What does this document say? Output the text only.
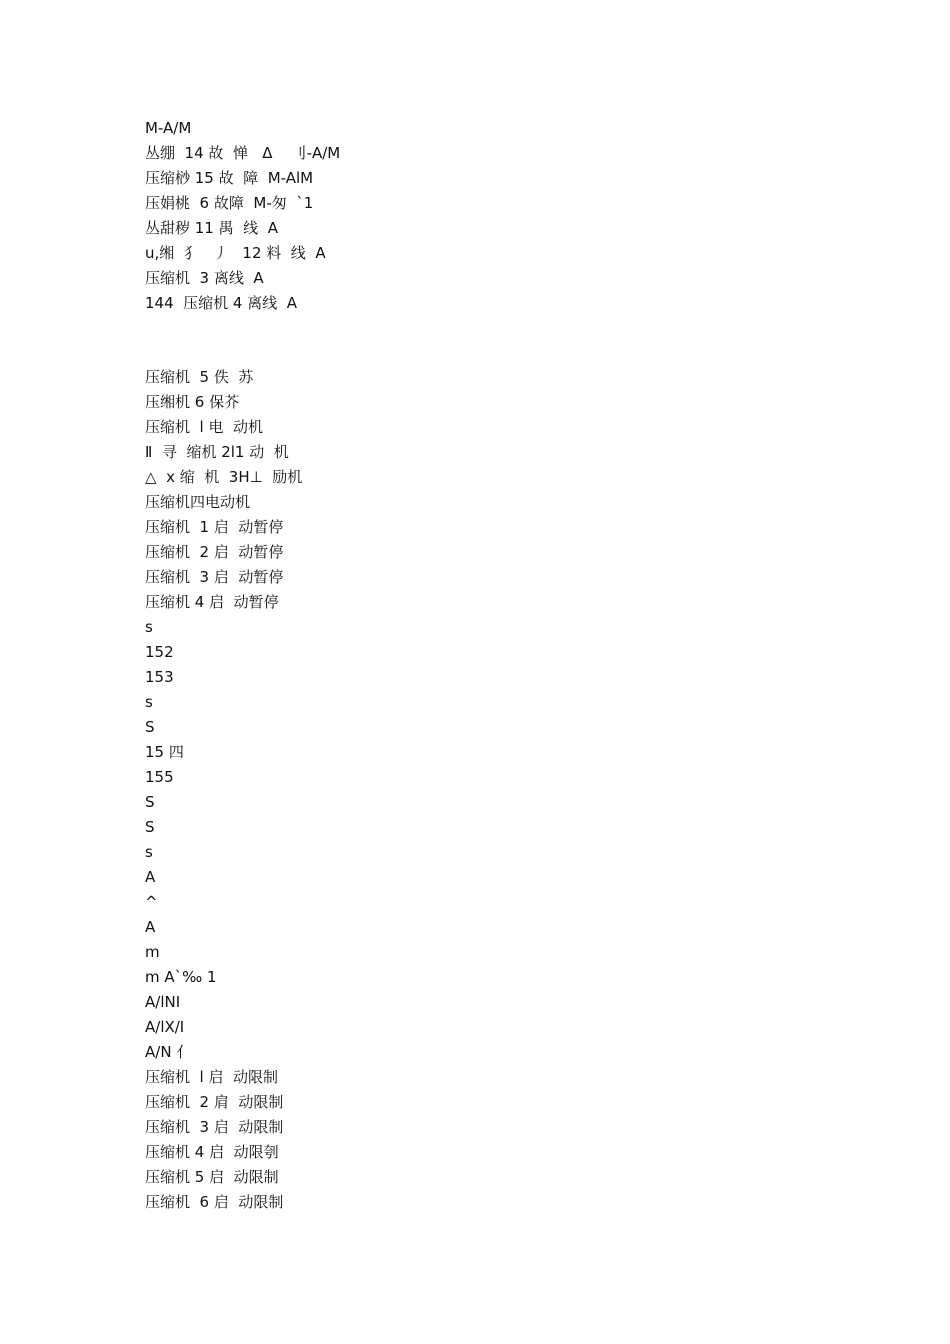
M-A/M
丛绷  14 故  惮   Δ    刂-A/M
压缩桫 15 故  障  M-AlM
压娟桃  6 故障  M-匆  `1
丛甜秽 11 禺  线  A
u,缃  犭   丿   12 料  线  A
压缩机  3 离线  A
144  压缩机 4 离线  A
压缩机  5 佚  苏
压缃机 6 保芥
压缩机  l 电  动机
Ⅱ  寻  缩机 2l1 动  机
△  x 缩  机  3H⊥  励机
压缩机四电动机
压缩机  1 启  动暂停
压缩机  2 启  动暂停
压缩机  3 启  动暂停
压缩机 4 启  动暂停
s
152
153
s
S
15 四
155
S
S
s
A
^
A
m
m A`‰ 1
A/lNI
A/lX/I
A/N 亻
压缩机  l 启  动限制
压缩机  2 肩  动限制
压缩机  3 启  动限制
压缩机 4 启  动限刳
压缩机 5 启  动限制
压缩机  6 启  动限制
